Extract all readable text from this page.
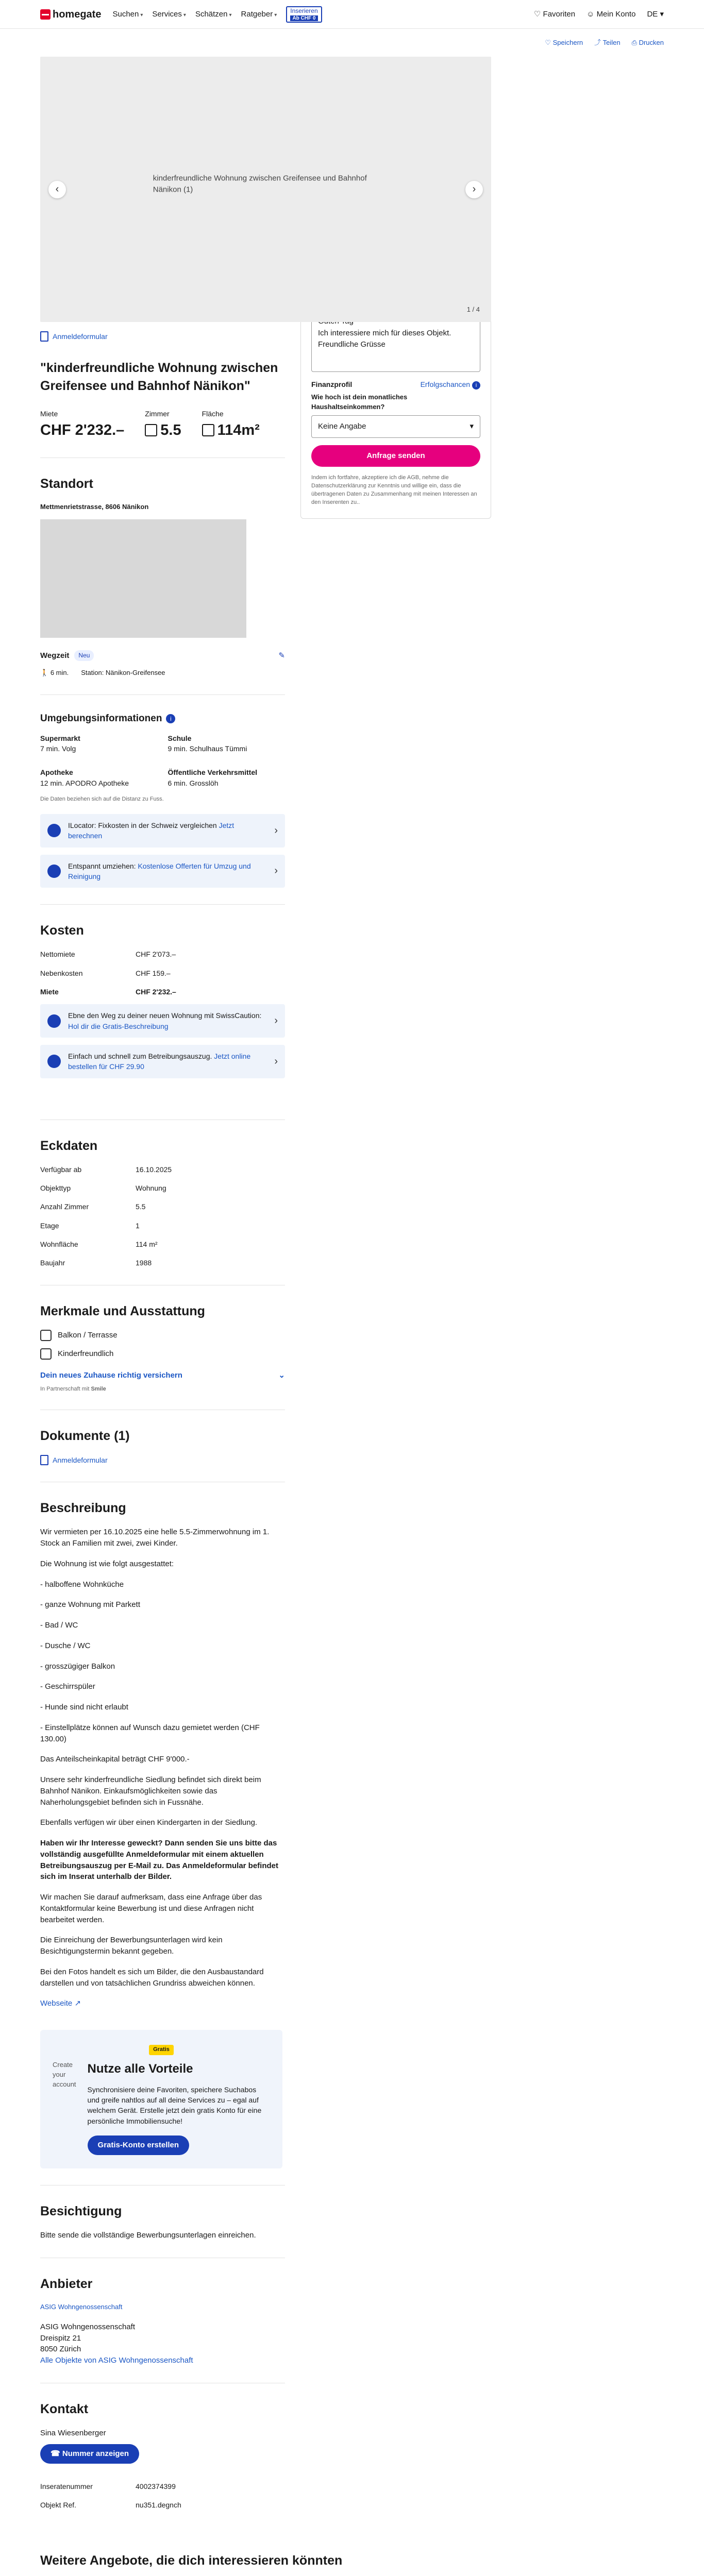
homegate Suchen ▾ Services ▾ Schätzen ▾ Ratgeber ▾
Inserieren
Ab CHF 0	♡ Favoriten ☺ Mein Konto DE ▾
♡ Speichern ⤴ Teilen ⎙ Drucken
kinderfreundliche Wohnung zwischen Greifensee und Bahnhof Nänikon (1)
‹	›
1 / 4
Anmeldeformular
"kinderfreundliche Wohnung zwischen Greifensee und Bahnhof Nänikon"
Miete
CHF 2'232.–
Zimmer
5.5
Fläche
114m²
Standort
Mettmenrietstrasse, 8606 Nänikon
Wegzeit	Neu	✎
🚶 6 min. Station: Nänikon-Greifensee
Umgebungsinformationen	i
Supermarkt
7 min. Volg
Schule
9 min. Schulhaus Tümmi
Apotheke
12 min. APODRO Apotheke
Öffentliche Verkehrsmittel
6 min. Grosslöh
Die Daten beziehen sich auf die Distanz zu Fuss.
ILocator: Fixkosten in der Schweiz vergleichen Jetzt berechnen	›
Entspannt umziehen: Kostenlose Offerten für Umzug und Reinigung	›
Kosten
Nettomiete	CHF 2'073.–
Nebenkosten	CHF 159.–
Miete	CHF 2'232.–
Ebne den Weg zu deiner neuen Wohnung mit SwissCaution: Hol dir die Gratis-Beschreibung	›
Einfach und schnell zum Betreibungsauszug. Jetzt online bestellen für CHF 29.90	›
Eckdaten
Verfügbar ab	16.10.2025
Objekttyp	Wohnung
Anzahl Zimmer	5.5
Etage	1
Wohnfläche	114 m²
Baujahr	1988
Merkmale und Ausstattung
Balkon / Terrasse
Kinderfreundlich
Dein neues Zuhause richtig versichern	⌄
In Partnerschaft mit Smile
Dokumente (1)
Anmeldeformular
Beschreibung

Wir vermieten per 16.10.2025 eine helle 5.5-Zimmerwohnung im 1. Stock an Familien mit zwei, zwei Kinder.

Die Wohnung ist wie folgt ausgestattet:

- halboffene Wohnküche

- ganze Wohnung mit Parkett

- Bad / WC

- Dusche / WC

- grosszügiger Balkon

- Geschirrspüler

- Hunde sind nicht erlaubt

- Einstellplätze können auf Wunsch dazu gemietet werden (CHF 130.00)

Das Anteilscheinkapital beträgt CHF 9'000.-

Unsere sehr kinderfreundliche Siedlung befindet sich direkt beim Bahnhof Nänikon. Einkaufsmöglichkeiten sowie das Naherholungsgebiet befinden sich in Fussnähe.

Ebenfalls verfügen wir über einen Kindergarten in der Siedlung.

Haben wir Ihr Interesse geweckt? Dann senden Sie uns bitte das vollständig ausgefüllte Anmeldeformular mit einem aktuellen Betreibungsauszug per E-Mail zu. Das Anmeldeformular befindet sich im Inserat unterhalb der Bilder.

Wir machen Sie darauf aufmerksam, dass eine Anfrage über das Kontaktformular keine Bewerbung ist und diese Anfragen nicht bearbeitet werden.

Die Einreichung der Bewerbungsunterlagen wird kein Besichtigungstermin bekannt gegeben.

Bei den Fotos handelt es sich um Bilder, die den Ausbaustandard darstellen und von tatsächlichen Grundriss abweichen können.

Webseite ↗
Gratis
Create your account
Nutze alle Vorteile

Synchronisiere deine Favoriten, speichere Suchabos und greife nahtlos auf all deine Services zu – egal auf welchem Gerät. Erstelle jetzt dein gratis Konto für eine persönliche Immobiliensuche!

Gratis-Konto erstellen
Besichtigung

Bitte sende die vollständige Bewerbungsunterlagen einreichen.

Anbieter
ASIG Wohngenossenschaft
ASIG Wohngenossenschaft
Dreispitz 21
8050 Zürich
Alle Objekte von ASIG Wohngenossenschaft
Kontakt
Sina Wiesenberger
☎ Nummer anzeigen
Inseratenummer	4002374399
Objekt Ref.	nu351.degnch
Ich interessiere mich für dieses Objekt.
Freundliche Grüsse
Finanzprofil	Erfolgschancen i
Wie hoch ist dein monatliches Haushaltseinkommen?
Keine Angabe	▾
Anfrage senden
Indem ich fortfahre, akzeptiere ich die AGB, nehme die Datenschutzerklärung zur Kenntnis und willige ein, dass die übertragenen Daten zu Zusammenhang mit meinen Interessen an den Inserenten zu..
Weitere Angebote, die dich interessieren könnten
